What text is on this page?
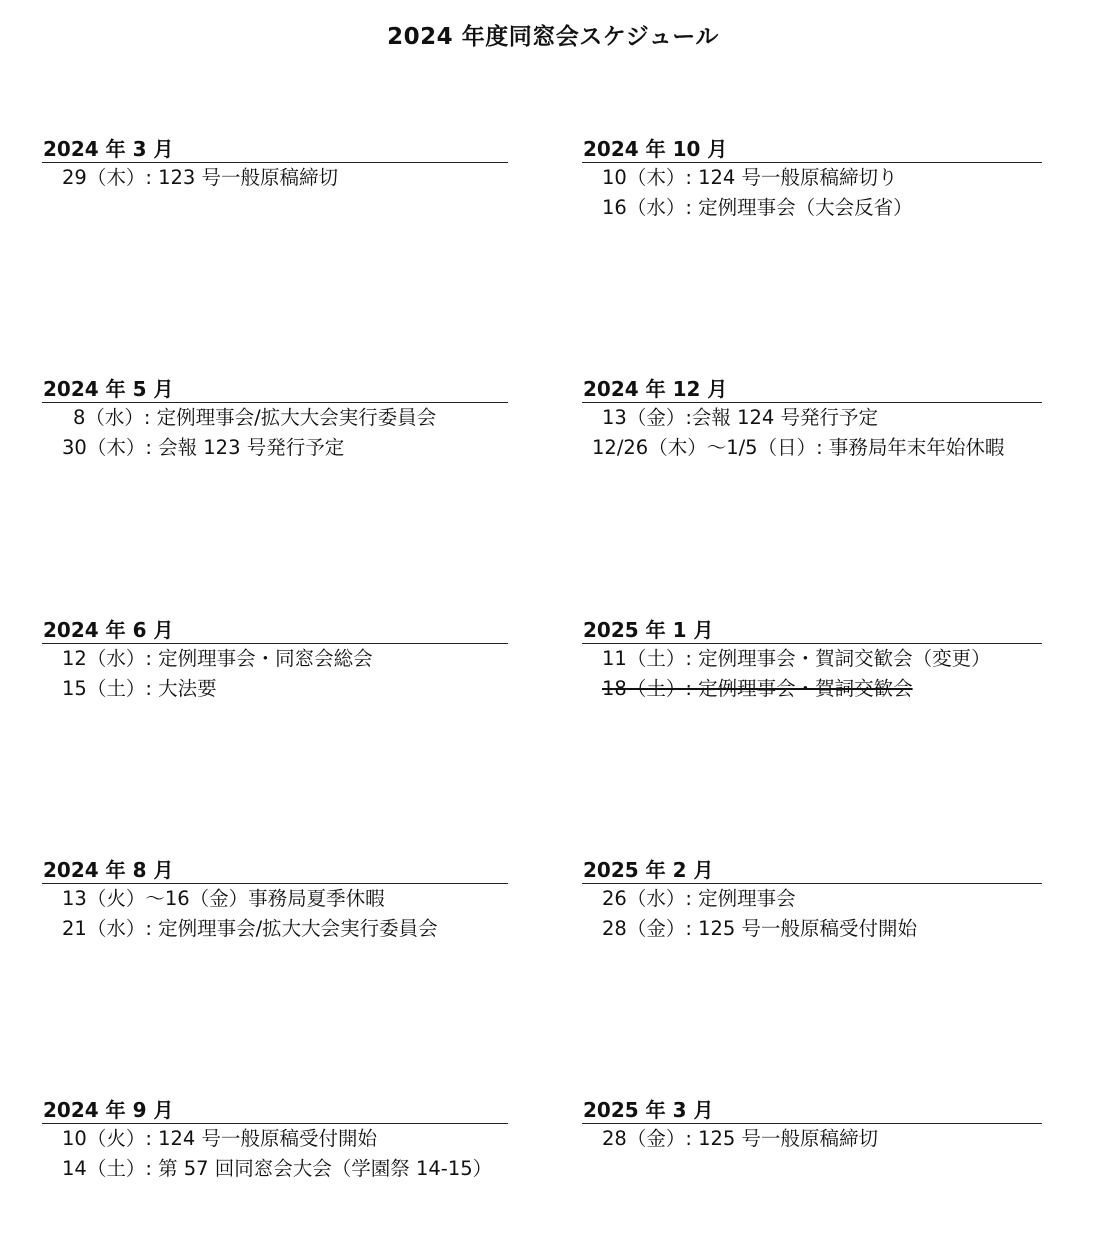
2024 年度同窓会スケジュール
2024 年 3 月
29（木）: 123 号一般原稿締切
2024 年 10 月
10（木）: 124 号一般原稿締切り
16（水）: 定例理事会（大会反省）
2024 年 5 月
8（水）: 定例理事会/拡大大会実行委員会
30（木）: 会報 123 号発行予定
2024 年 12 月
13（金）:会報 124 号発行予定
12/26（木）～1/5（日）: 事務局年末年始休暇
2024 年 6 月
12（水）: 定例理事会・同窓会総会
15（土）: 大法要
2025 年 1 月
11（土）: 定例理事会・賀詞交歓会（変更）
18（土）: 定例理事会・賀詞交歓会
2024 年 8 月
13（火）～16（金）事務局夏季休暇
21（水）: 定例理事会/拡大大会実行委員会
2025 年 2 月
26（水）: 定例理事会
28（金）: 125 号一般原稿受付開始
2024 年 9 月
10（火）: 124 号一般原稿受付開始
14（土）: 第 57 回同窓会大会（学園祭 14-15）
2025 年 3 月
28（金）: 125 号一般原稿締切
